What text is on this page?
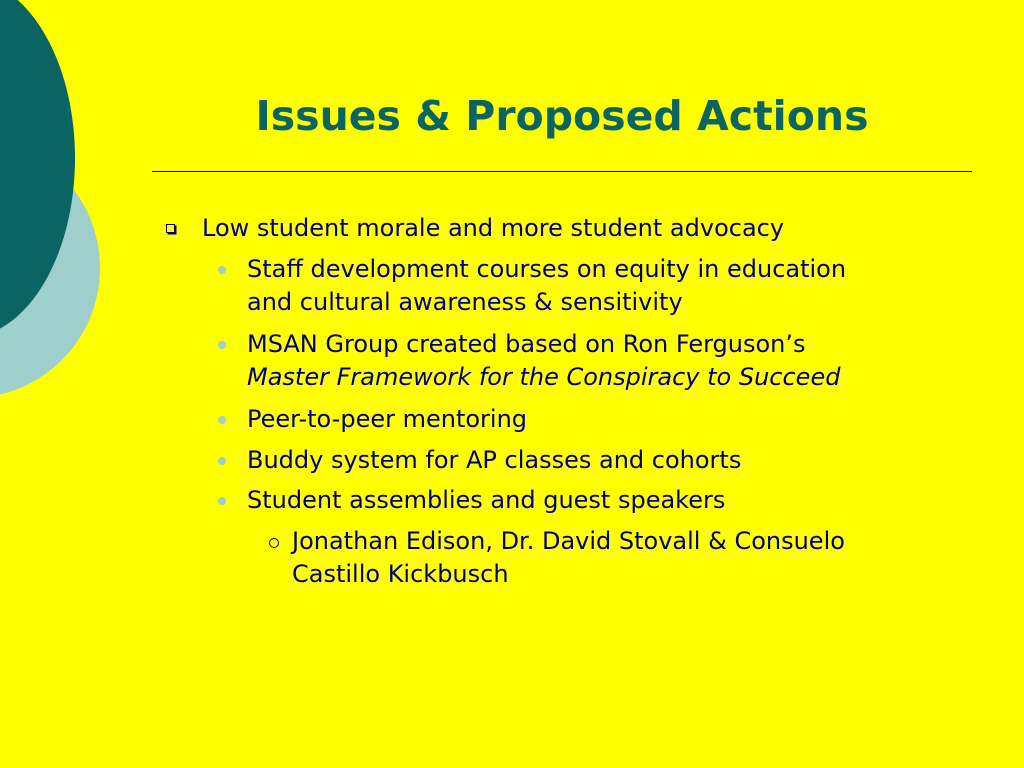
Issues & Proposed Actions
Low student morale and more student advocacy
Staff development courses on equity in education
and cultural awareness & sensitivity
MSAN Group created based on Ron Ferguson’s
Master Framework for the Conspiracy to Succeed
Peer-to-peer mentoring
Buddy system for AP classes and cohorts
Student assemblies and guest speakers
Jonathan Edison, Dr. David Stovall & Consuelo
Castillo Kickbusch
